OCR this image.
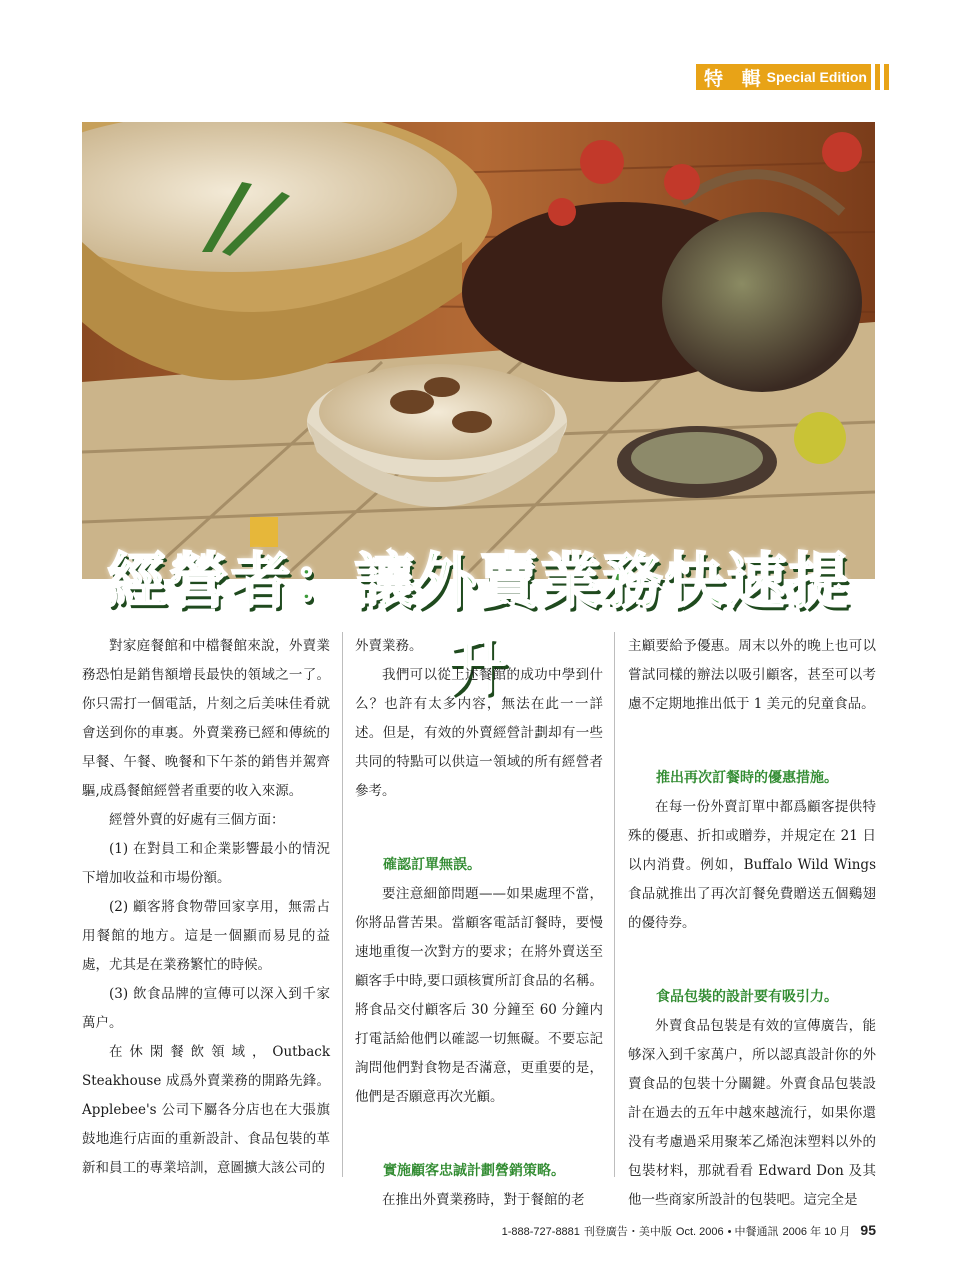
特 輯 Special Edition
經營者：讓外賣業務快速提升

對家庭餐館和中檔餐館來說，外賣業務恐怕是銷售額增長最快的領域之一了。你只需打一個電話，片刻之后美味佳肴就會送到你的車裏。外賣業務已經和傳統的早餐、午餐、晚餐和下午茶的銷售并駕齊驅,成爲餐館經營者重要的收入來源。

經營外賣的好處有三個方面：

(1) 在對員工和企業影響最小的情況下增加收益和市場份額。

(2) 顧客將食物帶回家享用，無需占用餐館的地方。這是一個顯而易見的益處，尤其是在業務繁忙的時候。

(3) 飲食品牌的宣傳可以深入到千家萬户。

在休閑餐飲領域，Outback Steakhouse 成爲外賣業務的開路先鋒。Applebee's 公司下屬各分店也在大張旗鼓地進行店面的重新設計、食品包裝的革新和員工的專業培訓，意圖擴大該公司的

外賣業務。

我們可以從上述餐館的成功中學到什么？也許有太多内容，無法在此一一詳述。但是，有效的外賣經營計劃却有一些共同的特點可以供這一領域的所有經營者參考。

確認訂單無誤。

要注意細節問題——如果處理不當，你將品嘗苦果。當顧客電話訂餐時，要慢速地重復一次對方的要求；在將外賣送至顧客手中時,要口頭核實所訂食品的名稱。將食品交付顧客后 30 分鐘至 60 分鐘内打電話給他們以確認一切無礙。不要忘記詢問他們對食物是否滿意，更重要的是，他們是否願意再次光顧。

實施顧客忠誠計劃營銷策略。

在推出外賣業務時，對于餐館的老

主顧要給予優惠。周末以外的晚上也可以嘗試同樣的辦法以吸引顧客，甚至可以考慮不定期地推出低于 1 美元的兒童食品。

推出再次訂餐時的優惠措施。

在每一份外賣訂單中都爲顧客提供特殊的優惠、折扣或贈券，并規定在 21 日以内消費。例如，Buffalo Wild Wings 食品就推出了再次訂餐免費贈送五個鷄翅的優待券。

食品包裝的設計要有吸引力。

外賣食品包裝是有效的宣傳廣告，能够深入到千家萬户，所以認真設計你的外賣食品的包裝十分關鍵。外賣食品包裝設計在過去的五年中越來越流行，如果你還没有考慮過采用聚苯乙烯泡沫塑料以外的包裝材料，那就看看 Edward Don 及其他一些商家所設計的包裝吧。這完全是

1-888-727-8881 刊登廣告・美中版 Oct. 2006 • 中餐通訊 2006 年 10 月 95
